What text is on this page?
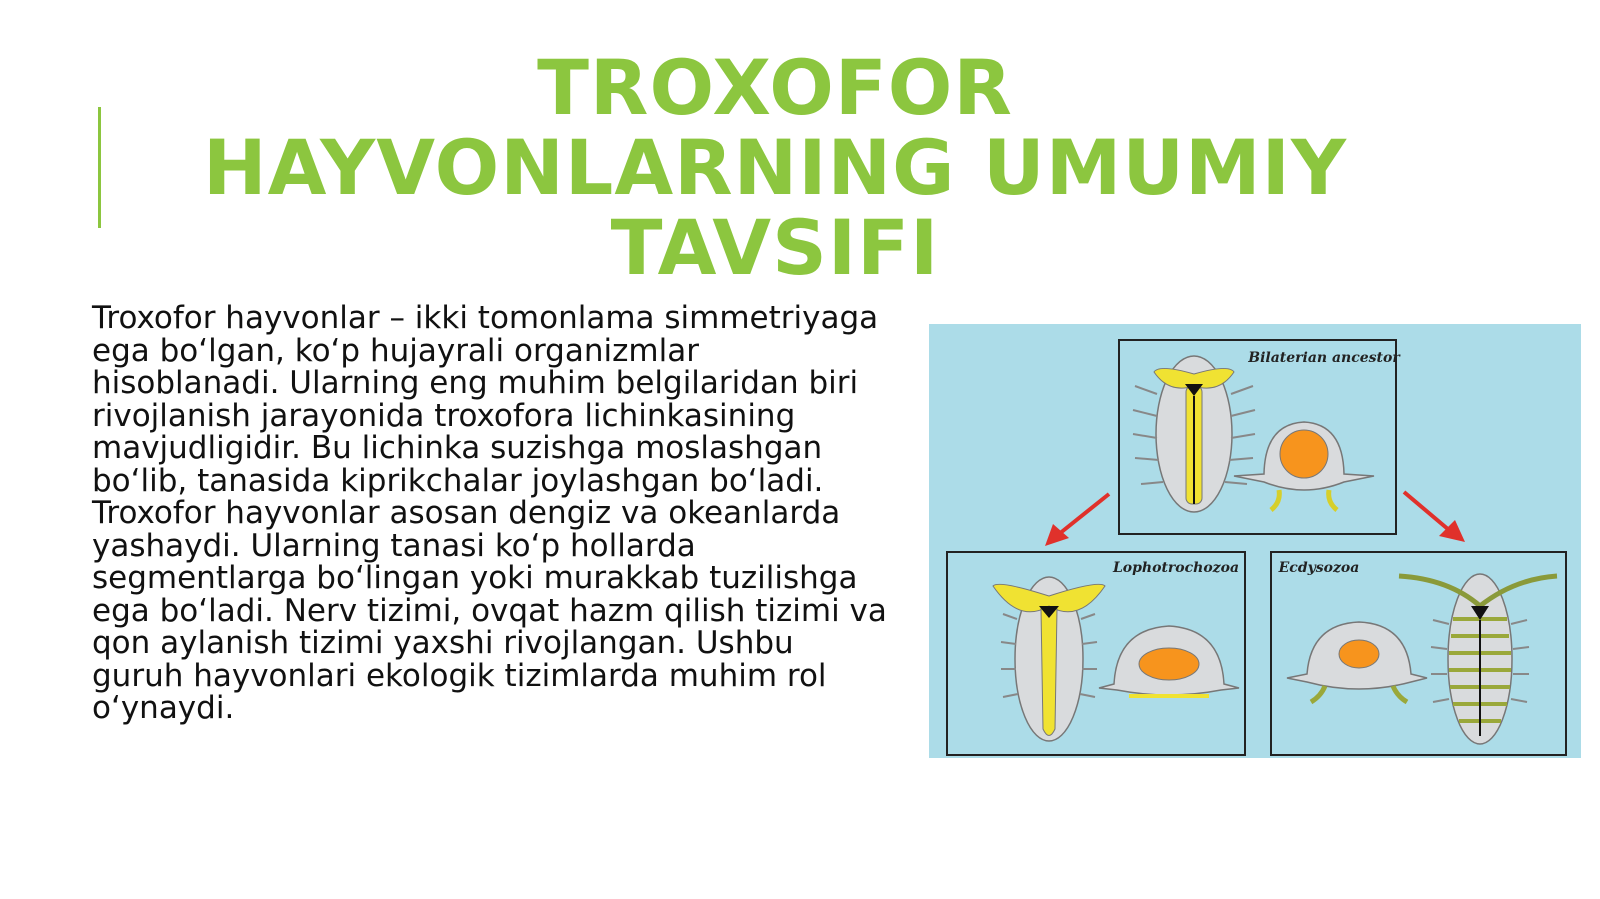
TROXOFOR
HAYVONLARNING UMUMIY
TAVSIFI

Troxofor hayvonlar – ikki tomonlama simmetriyaga ega bo‘lgan, ko‘p hujayrali organizmlar hisoblanadi. Ularning eng muhim belgilaridan biri rivojlanish jarayonida troxofora lichinkasining mavjudligidir. Bu lichinka suzishga moslashgan bo‘lib, tanasida kiprikchalar joylashgan bo‘ladi. Troxofor hayvonlar asosan dengiz va okeanlarda yashaydi. Ularning tanasi ko‘p hollarda segmentlarga bo‘lingan yoki murakkab tuzilishga ega bo‘ladi. Nerv tizimi, ovqat hazm qilish tizimi va qon aylanish tizimi yaxshi rivojlangan. Ushbu guruh hayvonlari ekologik tizimlarda muhim rol o‘ynaydi.

Bilaterian ancestor
Lophotrochozoa	Ecdysozoa
